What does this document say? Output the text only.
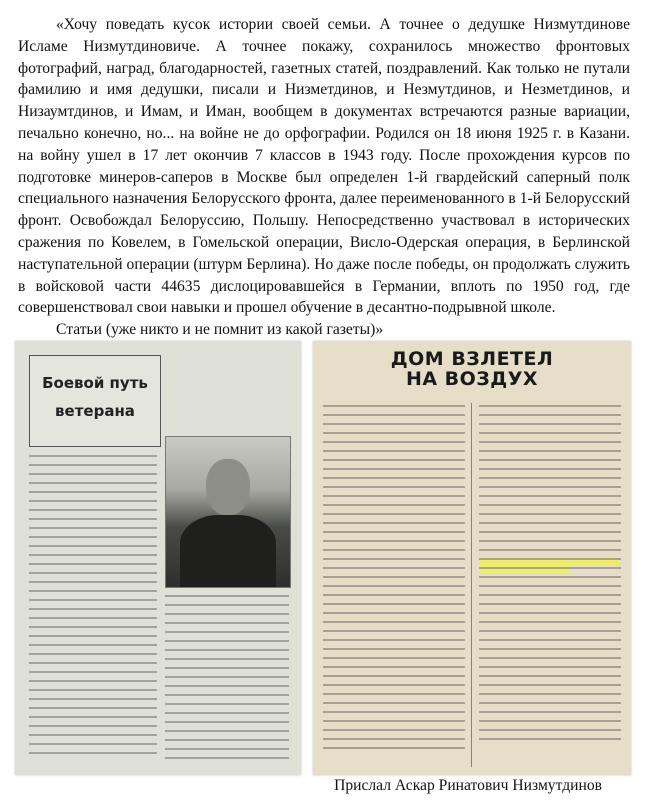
«Хочу поведать кусок истории своей семьи. А точнее о дедушке Низмутдинове Исламе Низмутдиновиче. А точнее покажу, сохранилось множество фронтовых фотографий, наград, благодарностей, газетных статей, поздравлений. Как только не путали фамилию и имя дедушки, писали и Низметдинов, и Незмутдинов, и Незметдинов, и Низаумтдинов, и Имам, и Иман, вообщем в документах встречаются разные вариации, печально конечно, но... на войне не до орфографии. Родился он 18 июня 1925 г. в Казани. на войну ушел в 17 лет окончив 7 классов в 1943 году. После прохождения курсов по подготовке минеров-саперов в Москве был определен 1-й гвардейский саперный полк специального назначения Белорусского фронта, далее переименованного в 1-й Белорусский фронт. Освобождал Белоруссию, Польшу. Непосредственно участвовал в исторических сражения по Ковелем, в Гомельской операции, Висло-Одерская операция, в Берлинской наступательной операции (штурм Берлина). Но даже после победы, он продолжать служить в войсковой части 44635 дислоцировавшейся в Германии, вплоть по 1950 год, где совершенствовал свои навыки и прошел обучение в десантно-подрывной школе.

Статьи (уже никто и не помнит из какой газеты)»

Боевой путь
ветерана
ДОМ ВЗЛЕТЕЛ
НА ВОЗДУХ
Прислал Аскар Ринатович Низмутдинов
